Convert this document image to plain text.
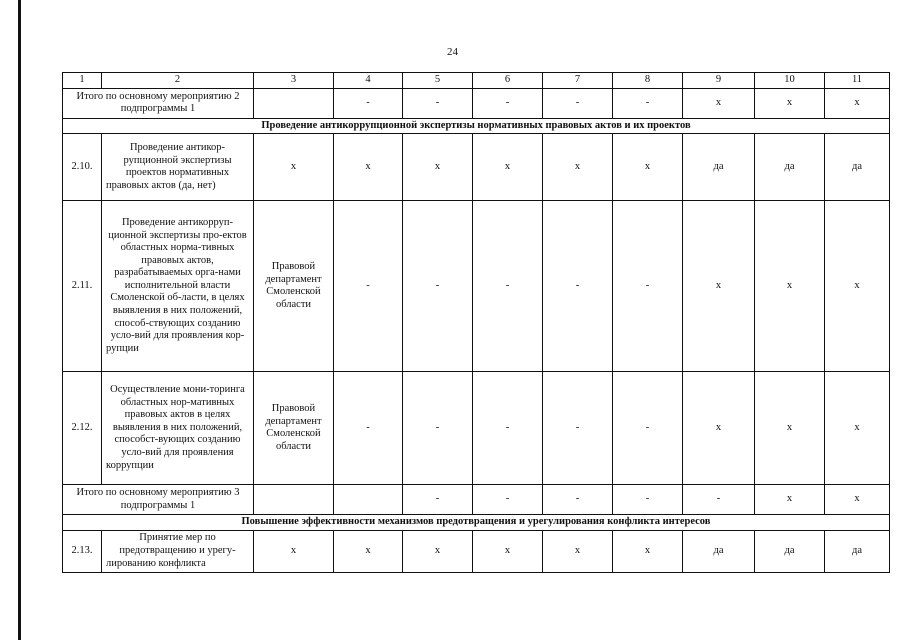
24
1	2	3	4	5	6	7	8	9	10	11
Итого по основному мероприятию 2 подпрограммы 1			-	-	-	-	-	х	х	х
Проведение антикоррупционной экспертизы нормативных правовых актов и их проектов										
2.10.	Проведение антикор-рупционной экспертизы проектов нормативных правовых актов (да, нет)	х	х	х	х	х	х	да	да	да
2.11.	Проведение антикорруп-ционной экспертизы про-ектов областных норма-тивных правовых актов, разрабатываемых орга-нами исполнительной власти Смоленской об-ласти, в целях выявления в них положений, способ-ствующих созданию усло-вий для проявления кор-рупции	Правовой департамент Смоленской области	-	-	-	-	-	х	х	х
2.12.	Осуществление мони-торинга областных нор-мативных правовых актов в целях выявления в них положений, способст-вующих созданию усло-вий для проявления коррупции	Правовой департамент Смоленской области	-	-	-	-	-	х	х	х
Итого по основному мероприятию 3 подпрограммы 1				-	-	-	-	-	х	х
Повышение эффективности механизмов предотвращения и урегулирования конфликта интересов										
2.13.	Принятие мер по предотвращению и урегу-лированию конфликта	х	х	х	х	х	х	да	да	да
